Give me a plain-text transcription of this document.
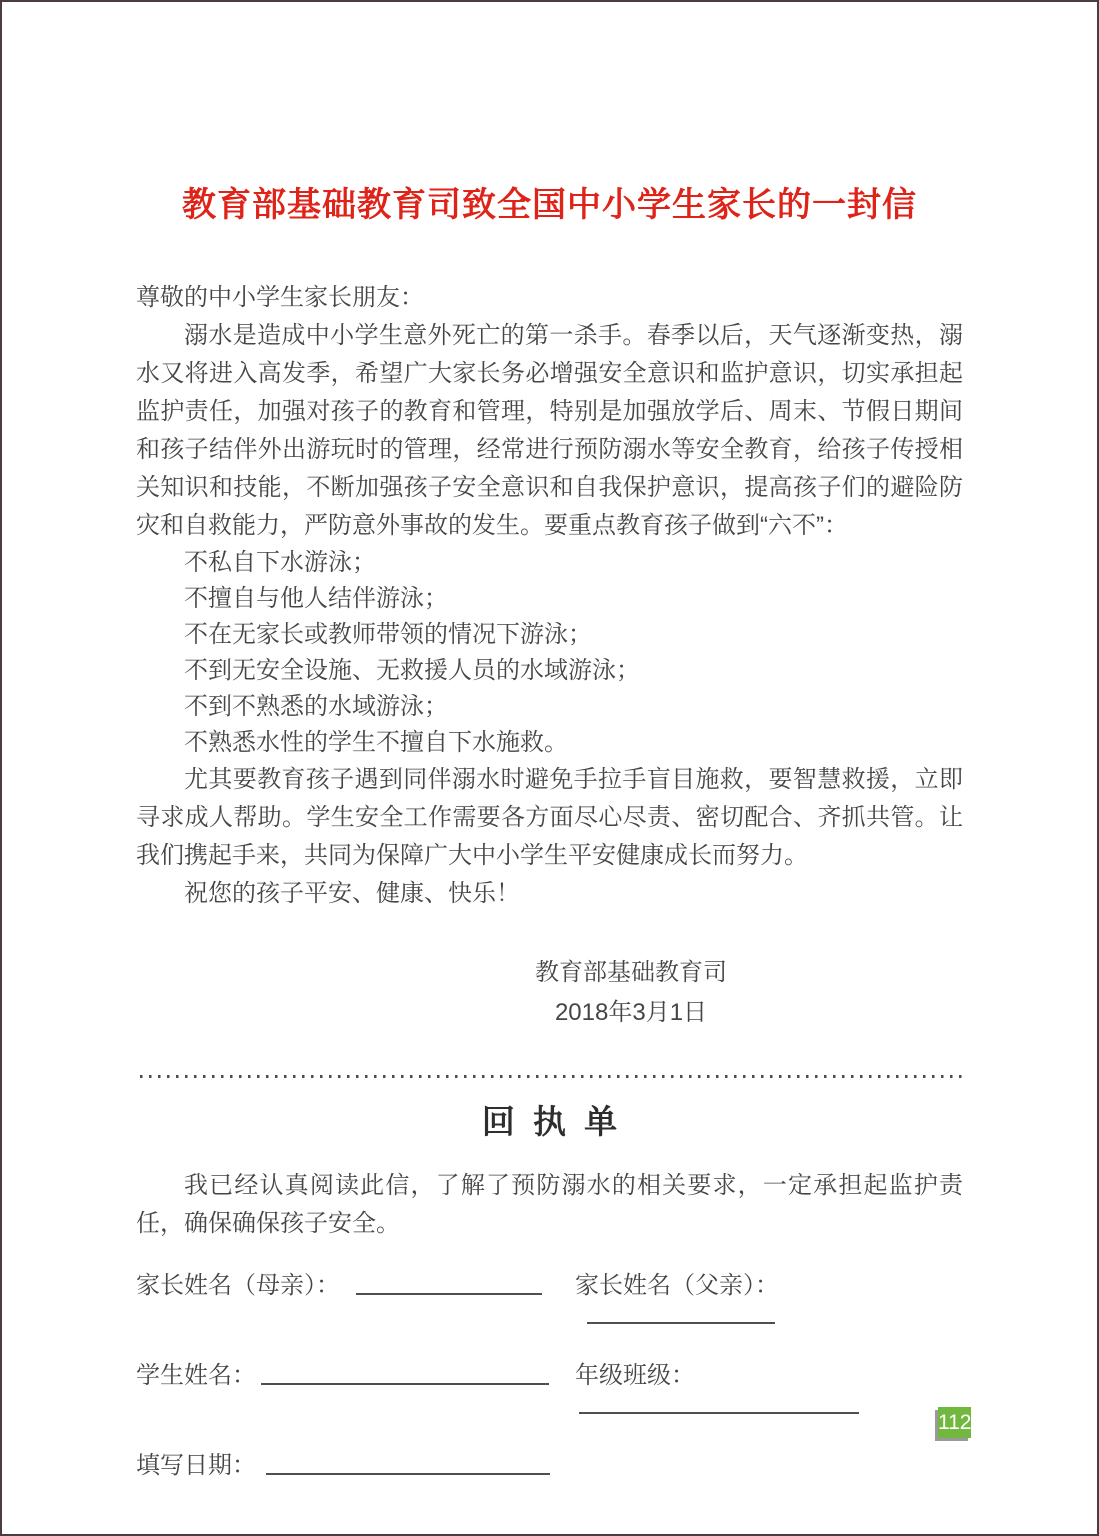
教育部基础教育司致全国中小学生家长的一封信

尊敬的中小学生家长朋友：

溺水是造成中小学生意外死亡的第一杀手。春季以后，天气逐渐变热，溺水又将进入高发季，希望广大家长务必增强安全意识和监护意识，切实承担起监护责任，加强对孩子的教育和管理，特别是加强放学后、周末、节假日期间和孩子结伴外出游玩时的管理，经常进行预防溺水等安全教育，给孩子传授相关知识和技能，不断加强孩子安全意识和自我保护意识，提高孩子们的避险防灾和自救能力，严防意外事故的发生。要重点教育孩子做到“六不”：

不私自下水游泳；
不擅自与他人结伴游泳；
不在无家长或教师带领的情况下游泳；
不到无安全设施、无救援人员的水域游泳；
不到不熟悉的水域游泳；
不熟悉水性的学生不擅自下水施救。

尤其要教育孩子遇到同伴溺水时避免手拉手盲目施救，要智慧救援，立即寻求成人帮助。学生安全工作需要各方面尽心尽责、密切配合、齐抓共管。让我们携起手来，共同为保障广大中小学生平安健康成长而努力。

祝您的孩子平安、健康、快乐！

教育部基础教育司
2018年3月1日
回执单

我已经认真阅读此信，了解了预防溺水的相关要求，一定承担起监护责任，确保确保孩子安全。

家长姓名（母亲）：	家长姓名（父亲）：
学生姓名：	年级班级：
填写日期：
112
